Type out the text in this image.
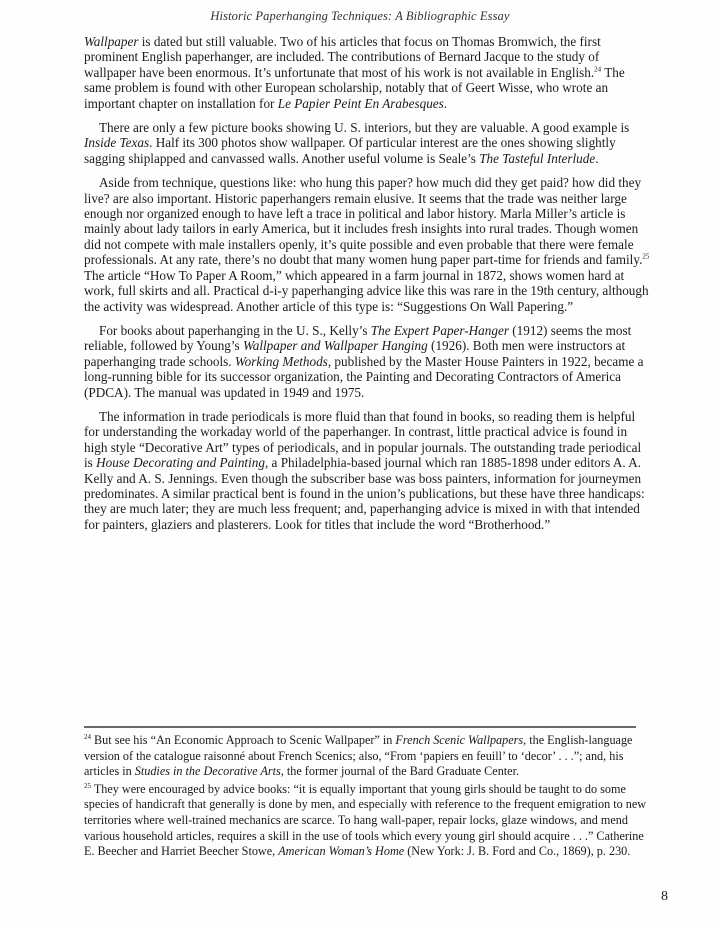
Historic Paperhanging Techniques: A Bibliographic Essay

Wallpaper is dated but still valuable. Two of his articles that focus on Thomas Bromwich, the first prominent English paperhanger, are included. The contributions of Bernard Jacque to the study of wallpaper have been enormous. It’s unfortunate that most of his work is not available in English.$^{24}$ The same problem is found with other European scholarship, notably that of Geert Wisse, who wrote an important chapter on installation for Le Papier Peint En Arabesques.

There are only a few picture books showing U. S. interiors, but they are valuable. A good example is Inside Texas. Half its 300 photos show wallpaper. Of particular interest are the ones showing slightly sagging shiplapped and canvassed walls. Another useful volume is Seale’s The Tasteful Interlude.

Aside from technique, questions like: who hung this paper? how much did they get paid? how did they live? are also important. Historic paperhangers remain elusive. It seems that the trade was neither large enough nor organized enough to have left a trace in political and labor history. Marla Miller’s article is mainly about lady tailors in early America, but it includes fresh insights into rural trades. Though women did not compete with male installers openly, it’s quite possible and even probable that there were female professionals. At any rate, there’s no doubt that many women hung paper part-time for friends and family.$^{25}$ The article “How To Paper A Room,” which appeared in a farm journal in 1872, shows women hard at work, full skirts and all. Practical d-i-y paperhanging advice like this was rare in the 19th century, although the activity was widespread. Another article of this type is: “Suggestions On Wall Papering.”

For books about paperhanging in the U. S., Kelly’s The Expert Paper-Hanger (1912) seems the most reliable, followed by Young’s Wallpaper and Wallpaper Hanging (1926). Both men were instructors at paperhanging trade schools. Working Methods, published by the Master House Painters in 1922, became a long-running bible for its successor organization, the Painting and Decorating Contractors of America (PDCA). The manual was updated in 1949 and 1975.

The information in trade periodicals is more fluid than that found in books, so reading them is helpful for understanding the workaday world of the paperhanger. In contrast, little practical advice is found in high style “Decorative Art” types of periodicals, and in popular journals. The outstanding trade periodical is House Decorating and Painting, a Philadelphia-based journal which ran 1885-1898 under editors A. A. Kelly and A. S. Jennings. Even though the subscriber base was boss painters, information for journeymen predominates. A similar practical bent is found in the union’s publications, but these have three handicaps: they are much later; they are much less frequent; and, paperhanging advice is mixed in with that intended for painters, glaziers and plasterers. Look for titles that include the word “Brotherhood.”

$^{24}$ But see his “An Economic Approach to Scenic Wallpaper” in French Scenic Wallpapers, the English-language version of the catalogue raisonné about French Scenics; also, “From ‘papiers en feuill’ to ‘decor’ . . .”; and, his articles in Studies in the Decorative Arts, the former journal of the Bard Graduate Center.

$^{25}$ They were encouraged by advice books: “it is equally important that young girls should be taught to do some species of handicraft that generally is done by men, and especially with reference to the frequent emigration to new territories where well-trained mechanics are scarce. To hang wall-paper, repair locks, glaze windows, and mend various household articles, requires a skill in the use of tools which every young girl should acquire . . .” Catherine E. Beecher and Harriet Beecher Stowe, American Woman’s Home (New York: J. B. Ford and Co., 1869), p. 230.

8
